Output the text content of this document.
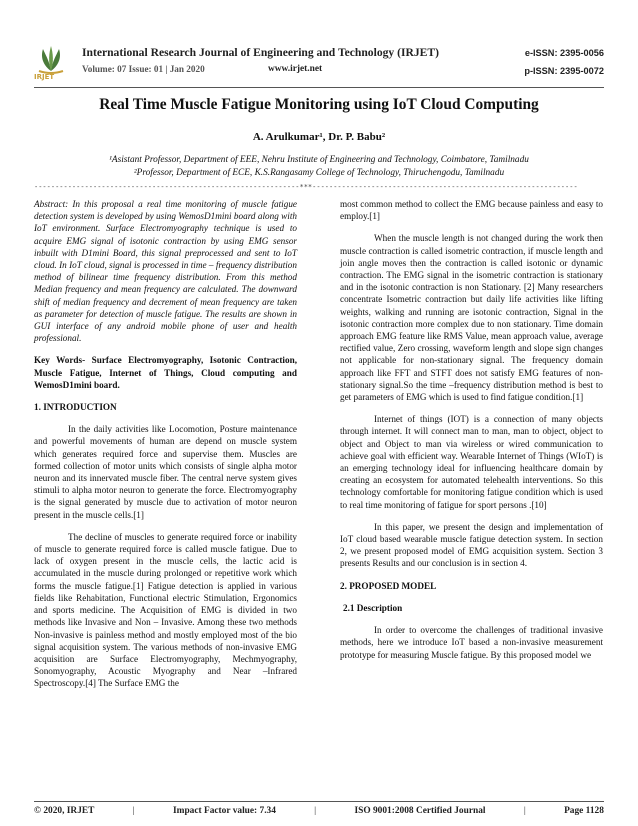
IRJET
International Research Journal of Engineering and Technology (IRJET)
Volume: 07 Issue: 01 | Jan 2020	www.irjet.net
e-ISSN: 2395-0056
p-ISSN: 2395-0072
Real Time Muscle Fatigue Monitoring using IoT Cloud Computing
A. Arulkumar¹, Dr. P. Babu²
¹Asistant Professor, Department of EEE, Nehru Institute of Engineering and Technology, Coimbatore, Tamilnadu
²Professor, Department of ECE, K.S.Rangasamy College of Technology, Thiruchengodu, Tamilnadu
---------------------------------------------------------------***---------------------------------------------------------------

Abstract: In this proposal a real time monitoring of muscle fatigue detection system is developed by using WemosD1mini board along with IoT environment. Surface Electromyography technique is used to acquire EMG signal of isotonic contraction by using EMG sensor inbuilt with D1mini Board, this signal preprocessed and sent to IoT cloud. In IoT cloud, signal is processed in time – frequency distribution method of bilinear time frequency distribution. From this method Median frequency and mean frequency are calculated. The downward shift of median frequency and decrement of mean frequency are taken as parameter for detection of muscle fatigue. The results are shown in GUI interface of any android mobile phone of user and health professional.

Key Words- Surface Electromyography, Isotonic Contraction, Muscle Fatigue, Internet of Things, Cloud computing and WemosD1mini board.

1. INTRODUCTION

In the daily activities like Locomotion, Posture maintenance and powerful movements of human are depend on muscle system which generates required force and supervise them. Muscles are formed collection of motor units which consists of single alpha motor neuron and its innervated muscle fiber. The central nerve system gives stimuli to alpha motor neuron to generate the force. Electromyography is the signal generated by muscle due to activation of motor neuron present in the muscle cells.[1]

The decline of muscles to generate required force or inability of muscle to generate required force is called muscle fatigue. Due to lack of oxygen present in the muscle cells, the lactic acid is accumulated in the muscle during prolonged or repetitive work which forms the muscle fatigue.[1] Fatigue detection is applied in various fields like Rehabitation, Functional electric Stimulation, Ergonomics and sports medicine. The Acquisition of EMG is divided in two methods like Invasive and Non – Invasive. Among these two methods Non-invasive is painless method and mostly employed most of the bio signal acquisition system. The various methods of non-invasive EMG acquisition are Surface Electromyography, Mechmyography, Sonomyography, Acoustic Myography and Near –Infrared Spectroscopy.[4] The Surface EMG the

most common method to collect the EMG because painless and easy to employ.[1]

When the muscle length is not changed during the work then muscle contraction is called isometric contraction, if muscle length and join angle moves then the contraction is called isotonic or dynamic contraction. The EMG signal in the isometric contraction is stationary and in the isotonic contraction is non Stationary. [2] Many researchers concentrate Isometric contraction but daily life activities like lifting weights, walking and running are isotonic contraction, Signal in the isotonic contraction more complex due to non stationary. Time domain approach EMG feature like RMS Value, mean approach value, average rectified value, Zero crossing, waveform length and slope sign changes not applicable for non-stationary signal. The frequency domain approach like FFT and STFT does not satisfy EMG features of non-stationary signal.So the time –frequency distribution method is best to get parameters of EMG which is used to find fatigue condition.[1]

Internet of things (IOT) is a connection of many objects through internet. It will connect man to man, man to object, object to object and Object to man via wireless or wired communication to achieve goal with efficient way. Wearable Internet of Things (WIoT) is an emerging technology ideal for influencing healthcare domain by creating an ecosystem for automated telehealth interventions. So this technology comfortable for monitoring fatigue condition which is used to real time monitoring of fatigue for sport persons .[10]

In this paper, we present the design and implementation of IoT cloud based wearable muscle fatigue detection system. In section 2, we present proposed model of EMG acquisition system. Section 3 presents Results and our conclusion is in section 4.

2. PROPOSED MODEL

2.1 Description

In order to overcome the challenges of traditional invasive methods, here we introduce IoT based a non-invasive measurement prototype for measuring Muscle fatigue. By this proposed model we

© 2020, IRJET	|	Impact Factor value: 7.34	|	ISO 9001:2008 Certified Journal	|	Page 1128
